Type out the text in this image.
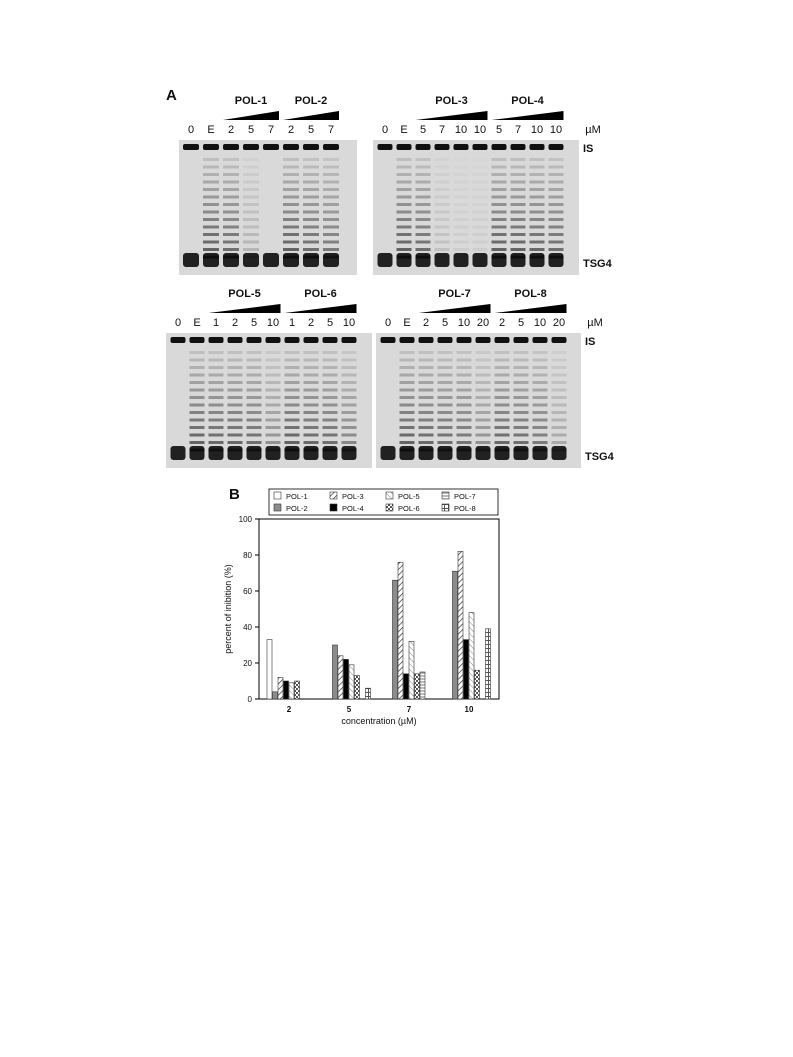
A
B
0 E 2 5 7 2 5 7
POL-1	POL-2
0 E 5 7 10 10 5 7 10 10
POL-3	POL-4
µM
IS
TSG4
0 E 1 2 5 10 1 2 5 10
POL-5	POL-6
0 E 2 5 10 20 2 5 10 20
POL-7	POL-8
µM
IS
TSG4
0
20
40
60
80
100
percent of inibition (%)
concentration (µM)
2	5	7	10
POL-1	POL-3	POL-5	POL-7
POL-2	POL-4	POL-6	POL-8
